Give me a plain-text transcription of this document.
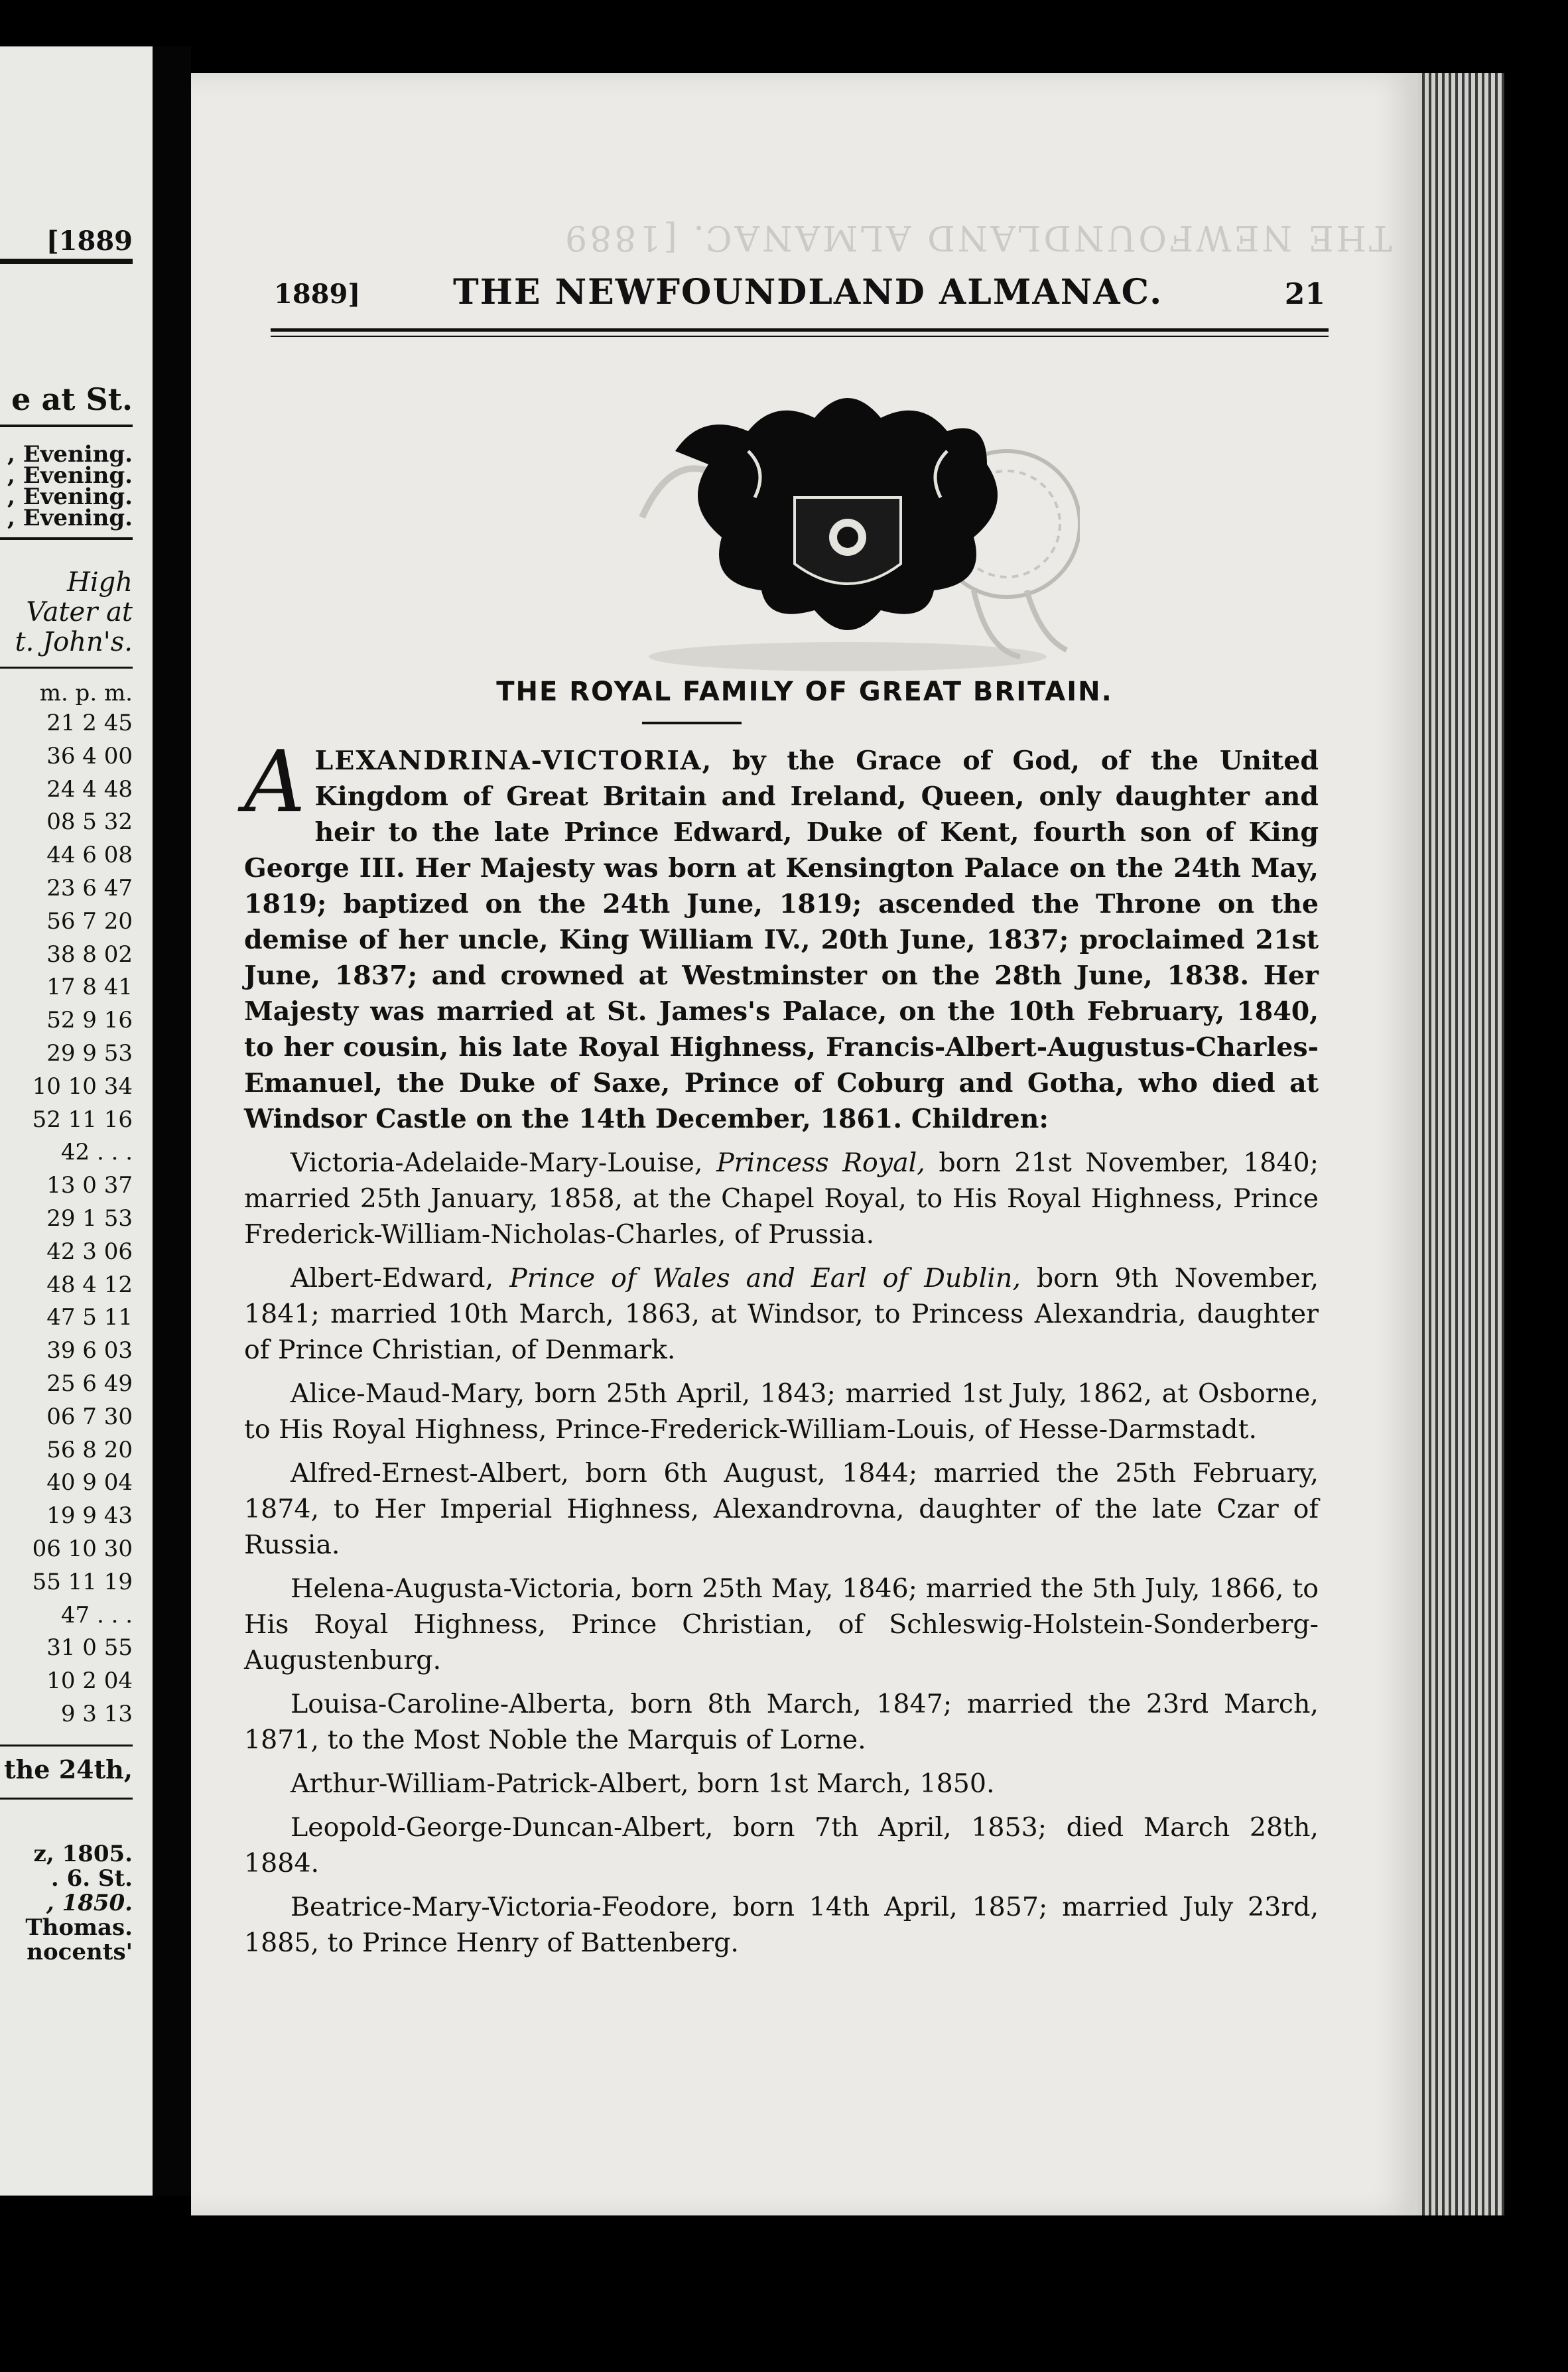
[1889
e at St.
, Evening.
, Evening.
, Evening.
, Evening.
High
Vater at
t. John's.
m. p. m.
21 2 45
36 4 00
24 4 48
08 5 32
44 6 08
23 6 47
56 7 20
38 8 02
17 8 41
52 9 16
29 9 53
10 10 34
52 11 16
42 . . .
13 0 37
29 1 53
42 3 06
48 4 12
47 5 11
39 6 03
25 6 49
06 7 30
56 8 20
40 9 04
19 9 43
06 10 30
55 11 19
47 . . .
31 0 55
10 2 04
9 3 13
the 24th,
z, 1805.
. 6. St.
, 1850.
Thomas.
nocents'
THE NEWFOUNDLAND ALMANAC. [1889
1889]	THE NEWFOUNDLAND ALMANAC.	21
THE ROYAL FAMILY OF GREAT BRITAIN.

ALEXANDRINA-VICTORIA, by the Grace of God, of the United Kingdom of Great Britain and Ireland, Queen, only daughter and heir to the late Prince Edward, Duke of Kent, fourth son of King George III. Her Majesty was born at Kensington Palace on the 24th May, 1819; baptized on the 24th June, 1819; ascended the Throne on the demise of her uncle, King William IV., 20th June, 1837; proclaimed 21st June, 1837; and crowned at Westminster on the 28th June, 1838. Her Majesty was married at St. James's Palace, on the 10th February, 1840, to her cousin, his late Royal Highness, Francis-Albert-Augustus-Charles-Emanuel, the Duke of Saxe, Prince of Coburg and Gotha, who died at Windsor Castle on the 14th December, 1861. Children:

Victoria-Adelaide-Mary-Louise, Princess Royal, born 21st November, 1840; married 25th January, 1858, at the Chapel Royal, to His Royal Highness, Prince Frederick-William-Nicholas-Charles, of Prussia.

Albert-Edward, Prince of Wales and Earl of Dublin, born 9th November, 1841; married 10th March, 1863, at Windsor, to Princess Alexandria, daughter of Prince Christian, of Denmark.

Alice-Maud-Mary, born 25th April, 1843; married 1st July, 1862, at Osborne, to His Royal Highness, Prince-Frederick-William-Louis, of Hesse-Darmstadt.

Alfred-Ernest-Albert, born 6th August, 1844; married the 25th February, 1874, to Her Imperial Highness, Alexandrovna, daughter of the late Czar of Russia.

Helena-Augusta-Victoria, born 25th May, 1846; married the 5th July, 1866, to His Royal Highness, Prince Christian, of Schleswig-Holstein-Sonderberg-Augustenburg.

Louisa-Caroline-Alberta, born 8th March, 1847; married the 23rd March, 1871, to the Most Noble the Marquis of Lorne.

Arthur-William-Patrick-Albert, born 1st March, 1850.

Leopold-George-Duncan-Albert, born 7th April, 1853; died March 28th, 1884.

Beatrice-Mary-Victoria-Feodore, born 14th April, 1857; married July 23rd, 1885, to Prince Henry of Battenberg.
